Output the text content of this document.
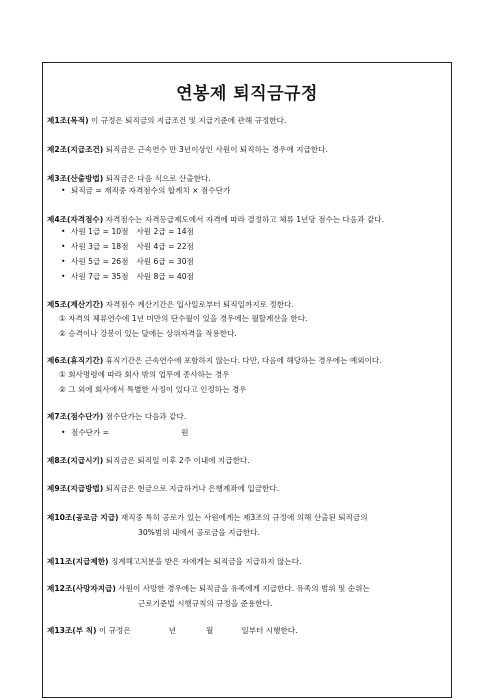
연봉제 퇴직금규정
제1조(목적) 이 규정은 퇴직금의 지급조건 및 지급기준에 관해 규정한다.
제2조(지급조건) 퇴직금은 근속연수 만 3년이상인 사원이 퇴직하는 경우에 지급한다.
제3조(산출방법) 퇴직금은 다음 식으로 산출한다.
• 퇴직금 = 재직중 자격점수의 합계치 × 점수단가
제4조(자격점수) 자격점수는 자격등급제도에서 자격에 따라 결정하고 체류 1년당 점수는 다음과 같다.
• 사원 1급 = 10점 사원 2급 = 14점
• 사원 3급 = 18점 사원 4급 = 22점
• 사원 5급 = 26점 사원 6급 = 30점
• 사원 7급 = 35점 사원 8급 = 40점
제5조(계산기간) 자격점수 계산기간은 입사일로부터 퇴직일까지로 정한다.
① 자격의 체류연수에 1년 미만의 단수월이 있을 경우에는 월할계산을 한다.
② 승격이나 강봉이 있는 달에는 상위자격을 적용한다.
제6조(휴직기간) 휴직기간은 근속연수에 포함하지 않는다. 다만, 다음에 해당하는 경우에는 예외이다.
① 회사명령에 따라 회사 밖의 업무에 종사하는 경우
② 그 외에 회사에서 특별한 사정이 있다고 인정하는 경우
제7조(점수단가) 점수단가는 다음과 같다.
• 점수단가 =	원
제8조(지급시기) 퇴직금은 퇴직일 이후 2주 이내에 지급한다.
제9조(지급방법) 퇴직금은 현금으로 지급하거나 은행계좌에 입금한다.
제10조(공로금 지급) 재직중 특히 공로가 있는 사원에게는 제3조의 규정에 의해 산출된 퇴직금의
30%범위 내에서 공로금을 지급한다.
제11조(지급제한) 징계해고처분을 받은 자에게는 퇴직금을 지급하지 않는다.
제12조(사망자지급) 사원이 사망한 경우에는 퇴직금을 유족에게 지급한다. 유족의 범위 및 순위는
근로기준법 시행규칙의 규정을 준용한다.
제13조(부 칙) 이 규정은	년	월	일부터 시행한다.
